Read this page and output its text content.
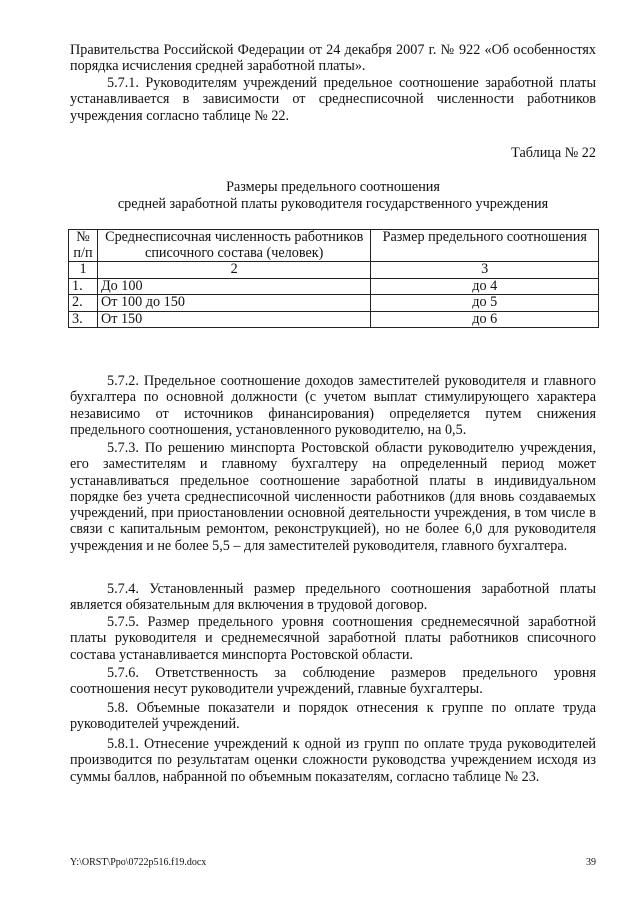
Правительства Российской Федерации от 24 декабря 2007 г. № 922 «Об особенностях порядка исчисления средней заработной платы».

5.7.1. Руководителям учреждений предельное соотношение заработной платы устанавливается в зависимости от среднесписочной численности работников учреждения согласно таблице № 22.

Таблица № 22
Размеры предельного соотношения
средней заработной платы руководителя государственного учреждения
№ п/п	Среднесписочная численность работников списочного состава (человек)	Размер предельного соотношения
1	2	3
1.	До 100	до 4
2.	От 100 до 150	до 5
3.	От 150	до 6

5.7.2. Предельное соотношение доходов заместителей руководителя и главного бухгалтера по основной должности (с учетом выплат стимулирующего характера независимо от источников финансирования) определяется путем снижения предельного соотношения, установленного руководителю, на 0,5.

5.7.3. По решению минспорта Ростовской области руководителю учреждения, его заместителям и главному бухгалтеру на определенный период может устанавливаться предельное соотношение заработной платы в индивидуальном порядке без учета среднесписочной численности работников (для вновь создаваемых учреждений, при приостановлении основной деятельности учреждения, в том числе в связи с капитальным ремонтом, реконструкцией), но не более 6,0 для руководителя учреждения и не более 5,5 – для заместителей руководителя, главного бухгалтера.

5.7.4. Установленный размер предельного соотношения заработной платы является обязательным для включения в трудовой договор.

5.7.5. Размер предельного уровня соотношения среднемесячной заработной платы руководителя и среднемесячной заработной платы работников списочного состава устанавливается минспорта Ростовской области.

5.7.6. Ответственность за соблюдение размеров предельного уровня соотношения несут руководители учреждений, главные бухгалтеры.

5.8. Объемные показатели и порядок отнесения к группе по оплате труда руководителей учреждений.

5.8.1. Отнесение учреждений к одной из групп по оплате труда руководителей производится по результатам оценки сложности руководства учреждением исходя из суммы баллов, набранной по объемным показателям, согласно таблице № 23.

Y:\ORST\Ppo\0722p516.f19.docx	39
